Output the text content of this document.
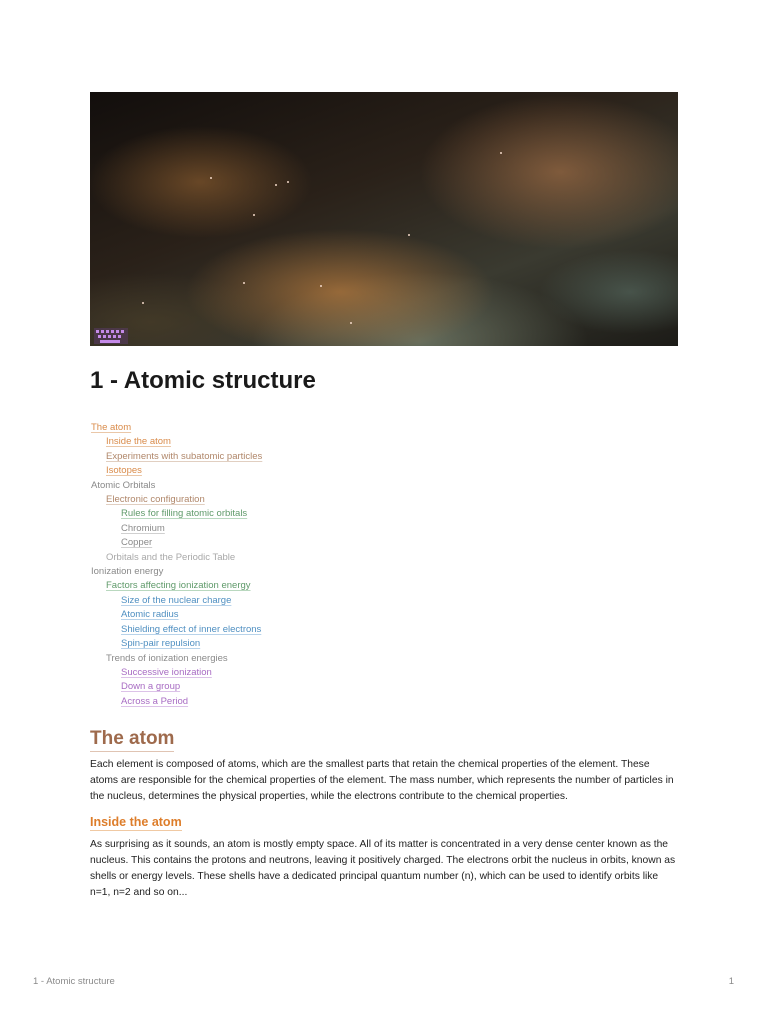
1 - Atomic structure
The atom
Inside the atom
Experiments with subatomic particles
Isotopes
Atomic Orbitals
Electronic configuration
Rules for filling atomic orbitals
Chromium
Copper
Orbitals and the Periodic Table
Ionization energy
Factors affecting ionization energy
Size of the nuclear charge
Atomic radius
Shielding effect of inner electrons
Spin-pair repulsion
Trends of ionization energies
Successive ionization
Down a group
Across a Period
The atom

Each element is composed of atoms, which are the smallest parts that retain the chemical properties of the element. These atoms are responsible for the chemical properties of the element. The mass number, which represents the number of particles in the nucleus, determines the physical properties, while the electrons contribute to the chemical properties.

Inside the atom

As surprising as it sounds, an atom is mostly empty space. All of its matter is concentrated in a very dense center known as the nucleus. This contains the protons and neutrons, leaving it positively charged. The electrons orbit the nucleus in orbits, known as shells or energy levels. These shells have a dedicated principal quantum number (n), which can be used to identify orbits like n=1, n=2 and so on...

1 - Atomic structure	1
